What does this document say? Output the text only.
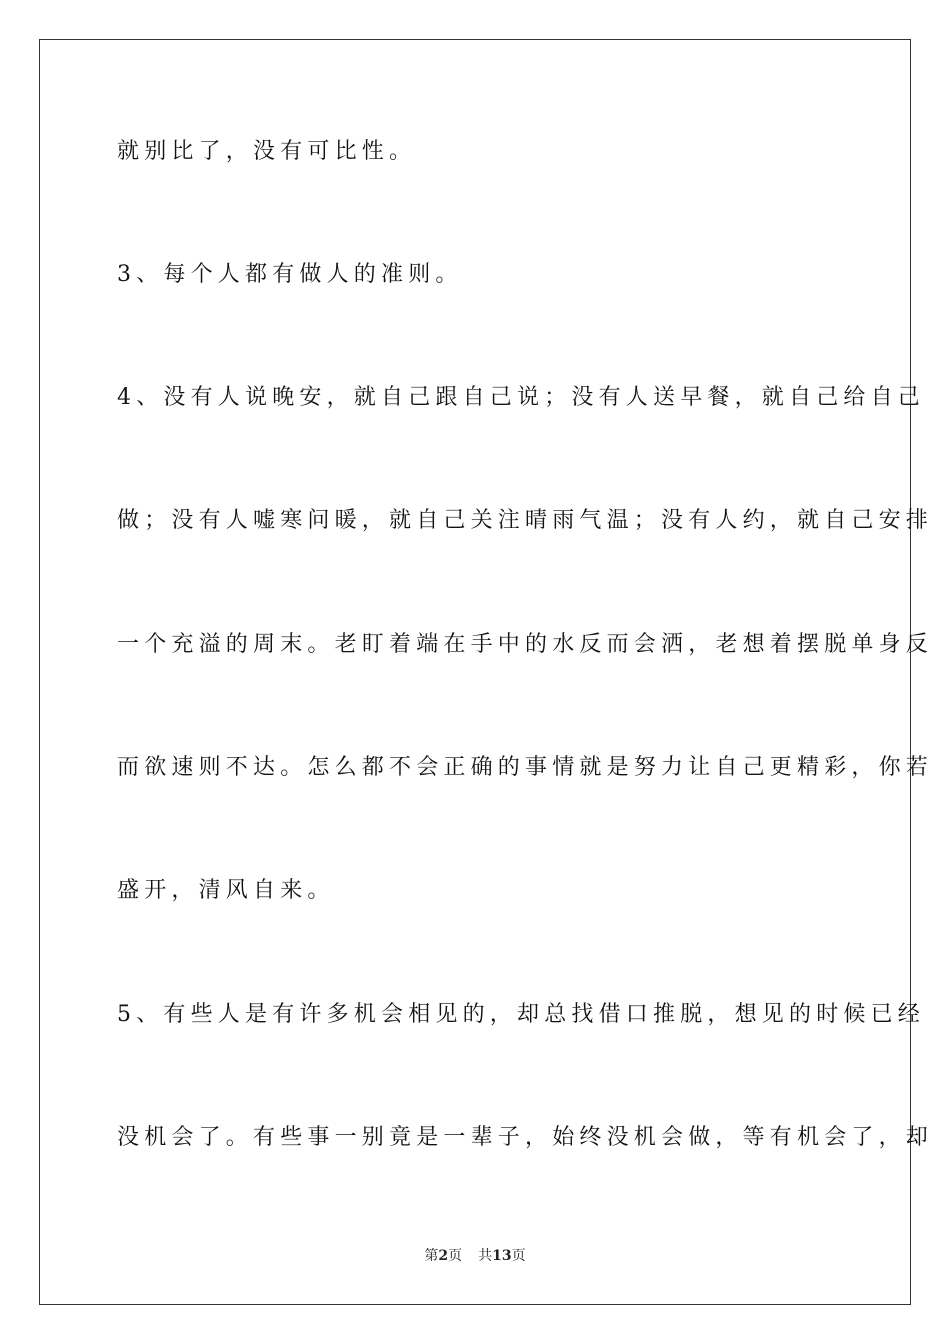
就别比了，没有可比性。
3、每个人都有做人的准则。
4、没有人说晚安，就自己跟自己说；没有人送早餐，就自己给自己
做；没有人嘘寒问暖，就自己关注晴雨气温；没有人约，就自己安排
一个充溢的周末。老盯着端在手中的水反而会洒，老想着摆脱单身反
而欲速则不达。怎么都不会正确的事情就是努力让自己更精彩，你若
盛开，清风自来。
5、有些人是有许多机会相见的，却总找借口推脱，想见的时候已经
没机会了。有些事一别竟是一辈子，始终没机会做，等有机会了，却
第2页 共13页
